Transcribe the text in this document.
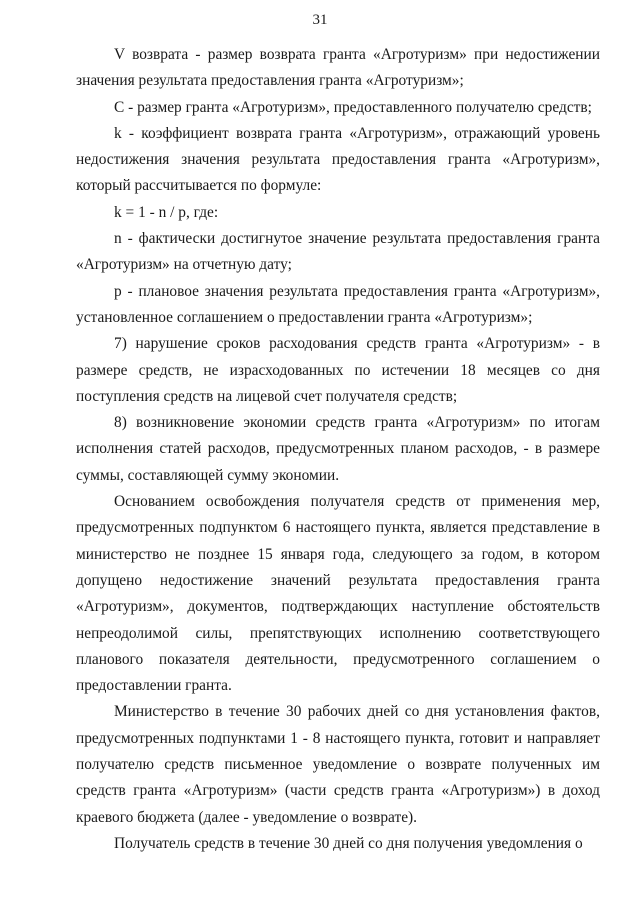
31

V возврата - размер возврата гранта «Агротуризм» при недостижении значения результата предоставления гранта «Агротуризм»;

C - размер гранта «Агротуризм», предоставленного получателю средств;

k - коэффициент возврата гранта «Агротуризм», отражающий уровень недостижения значения результата предоставления гранта «Агротуризм», который рассчитывается по формуле:

k = 1 - n / p, где:

n - фактически достигнутое значение результата предоставления гранта «Агротуризм» на отчетную дату;

p - плановое значения результата предоставления гранта «Агротуризм», установленное соглашением о предоставлении гранта «Агротуризм»;

7) нарушение сроков расходования средств гранта «Агротуризм» - в размере средств, не израсходованных по истечении 18 месяцев со дня поступления средств на лицевой счет получателя средств;

8) возникновение экономии средств гранта «Агротуризм» по итогам исполнения статей расходов, предусмотренных планом расходов, - в размере суммы, составляющей сумму экономии.

Основанием освобождения получателя средств от применения мер, предусмотренных подпунктом 6 настоящего пункта, является представление в министерство не позднее 15 января года, следующего за годом, в котором допущено недостижение значений результата предоставления гранта «Агротуризм», документов, подтверждающих наступление обстоятельств непреодолимой силы, препятствующих исполнению соответствующего планового показателя деятельности, предусмотренного соглашением о предоставлении гранта.

Министерство в течение 30 рабочих дней со дня установления фактов, предусмотренных подпунктами 1 - 8 настоящего пункта, готовит и направляет получателю средств письменное уведомление о возврате полученных им средств гранта «Агротуризм» (части средств гранта «Агротуризм») в доход краевого бюджета (далее - уведомление о возврате).

Получатель средств в течение 30 дней со дня получения уведомления о
